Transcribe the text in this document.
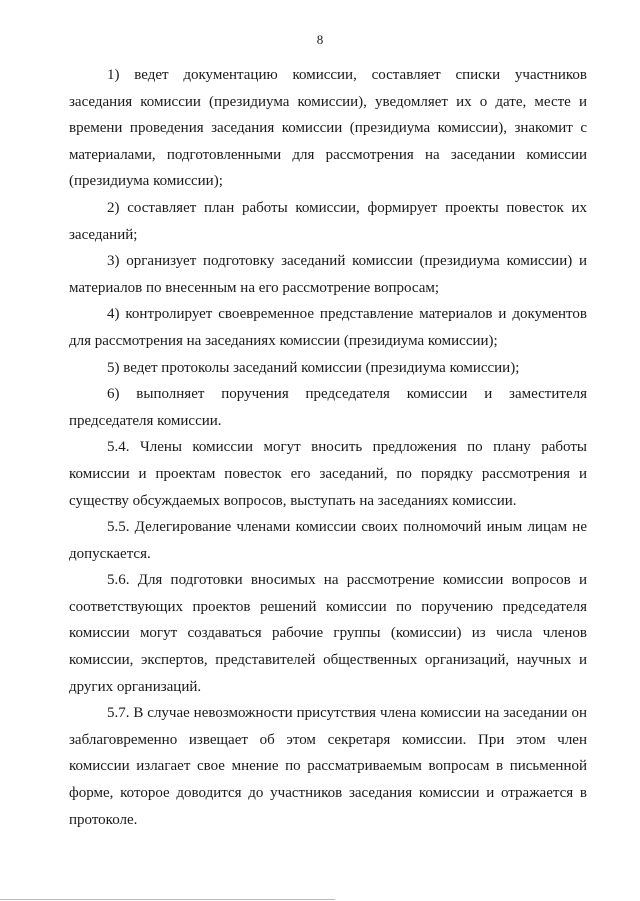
8

1) ведет документацию комиссии, составляет списки участников заседания комиссии (президиума комиссии), уведомляет их о дате, месте и времени проведения заседания комиссии (президиума комиссии), знакомит с материалами, подготовленными для рассмотрения на заседании комиссии (президиума комиссии);

2) составляет план работы комиссии, формирует проекты повесток их заседаний;

3) организует подготовку заседаний комиссии (президиума комиссии) и материалов по внесенным на его рассмотрение вопросам;

4) контролирует своевременное представление материалов и документов для рассмотрения на заседаниях комиссии (президиума комиссии);

5) ведет протоколы заседаний комиссии (президиума комиссии);

6) выполняет поручения председателя комиссии и заместителя председателя комиссии.

5.4. Члены комиссии могут вносить предложения по плану работы комиссии и проектам повесток его заседаний, по порядку рассмотрения и существу обсуждаемых вопросов, выступать на заседаниях комиссии.

5.5. Делегирование членами комиссии своих полномочий иным лицам не допускается.

5.6. Для подготовки вносимых на рассмотрение комиссии вопросов и соответствующих проектов решений комиссии по поручению председателя комиссии могут создаваться рабочие группы (комиссии) из числа членов комиссии, экспертов, представителей общественных организаций, научных и других организаций.

5.7. В случае невозможности присутствия члена комиссии на заседании он заблаговременно извещает об этом секретаря комиссии. При этом член комиссии излагает свое мнение по рассматриваемым вопросам в письменной форме, которое доводится до участников заседания комиссии и отражается в протоколе.
